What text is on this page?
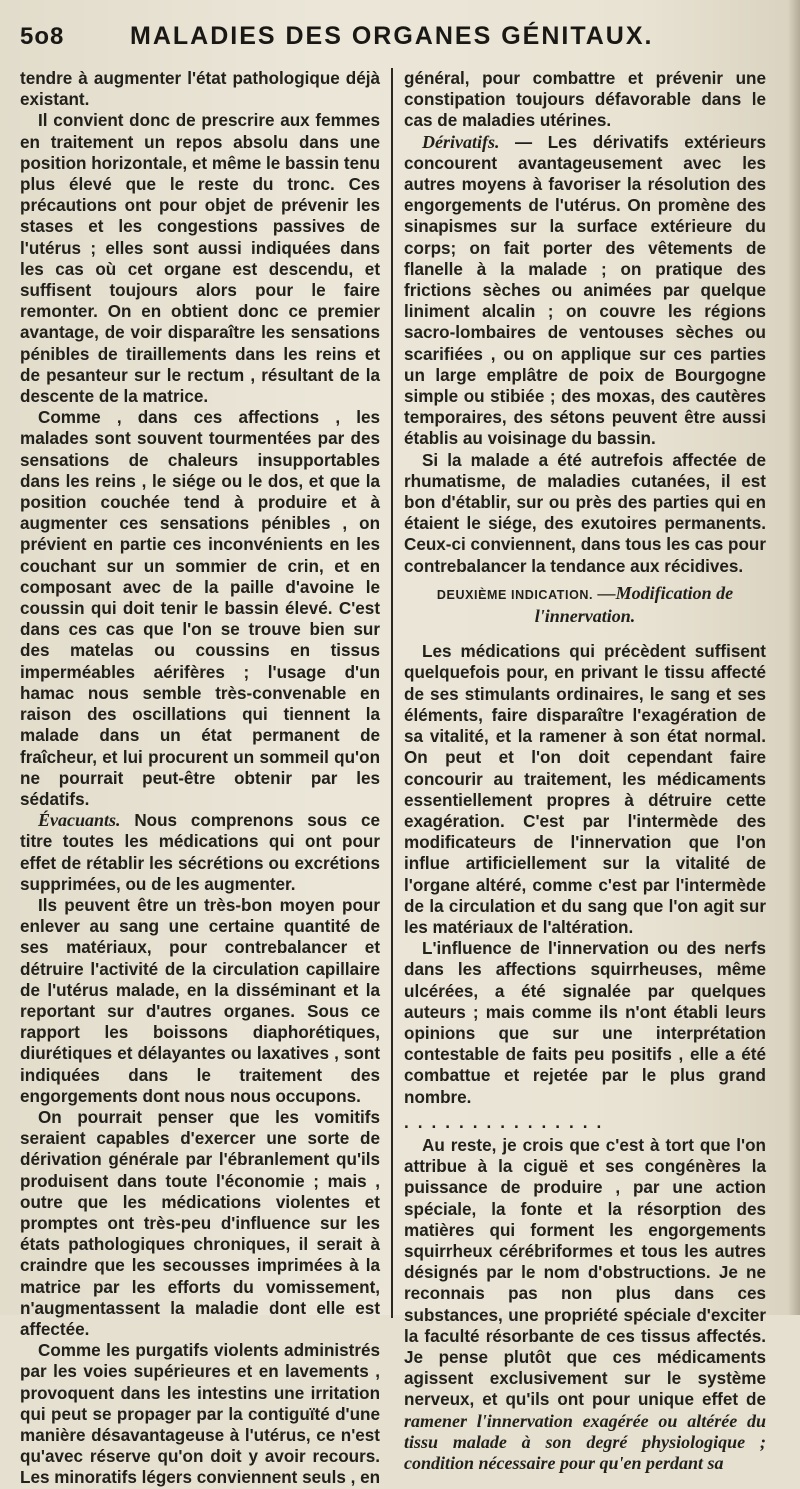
5o8	MALADIES DES ORGANES GÉNITAUX.

tendre à augmenter l'état pathologique déjà existant.

Il convient donc de prescrire aux femmes en traitement un repos absolu dans une position horizontale, et même le bassin tenu plus élevé que le reste du tronc. Ces précautions ont pour objet de prévenir les stases et les congestions passives de l'utérus ; elles sont aussi indiquées dans les cas où cet organe est descendu, et suffisent toujours alors pour le faire remonter. On en obtient donc ce premier avantage, de voir disparaître les sensations pénibles de tiraillements dans les reins et de pesanteur sur le rectum , résultant de la descente de la matrice.

Comme , dans ces affections , les malades sont souvent tourmentées par des sensations de chaleurs insupportables dans les reins , le siége ou le dos, et que la position couchée tend à produire et à augmenter ces sensations pénibles , on prévient en partie ces inconvénients en les couchant sur un sommier de crin, et en composant avec de la paille d'avoine le coussin qui doit tenir le bassin élevé. C'est dans ces cas que l'on se trouve bien sur des matelas ou coussins en tissus imperméables aérifères ; l'usage d'un hamac nous semble très-convenable en raison des oscillations qui tiennent la malade dans un état permanent de fraîcheur, et lui procurent un sommeil qu'on ne pourrait peut-être obtenir par les sédatifs.

Évacuants. Nous comprenons sous ce titre toutes les médications qui ont pour effet de rétablir les sécrétions ou excrétions supprimées, ou de les augmenter.

Ils peuvent être un très-bon moyen pour enlever au sang une certaine quantité de ses matériaux, pour contrebalancer et détruire l'activité de la circulation capillaire de l'utérus malade, en la disséminant et la reportant sur d'autres organes. Sous ce rapport les boissons diaphorétiques, diurétiques et délayantes ou laxatives , sont indiquées dans le traitement des engorgements dont nous nous occupons.

On pourrait penser que les vomitifs seraient capables d'exercer une sorte de dérivation générale par l'ébranlement qu'ils produisent dans toute l'économie ; mais , outre que les médications violentes et promptes ont très-peu d'influence sur les états pathologiques chroniques, il serait à craindre que les secousses imprimées à la matrice par les efforts du vomissement, n'augmentassent la maladie dont elle est affectée.

Comme les purgatifs violents administrés par les voies supérieures et en lavements , provoquent dans les intestins une irritation qui peut se propager par la contiguïté d'une manière désavantageuse à l'utérus, ce n'est qu'avec réserve qu'on doit y avoir recours. Les minoratifs légers conviennent seuls , en

général, pour combattre et prévenir une constipation toujours défavorable dans le cas de maladies utérines.

Dérivatifs. — Les dérivatifs extérieurs concourent avantageusement avec les autres moyens à favoriser la résolution des engorgements de l'utérus. On promène des sinapismes sur la surface extérieure du corps; on fait porter des vêtements de flanelle à la malade ; on pratique des frictions sèches ou animées par quelque liniment alcalin ; on couvre les régions sacro-lombaires de ventouses sèches ou scarifiées , ou on applique sur ces parties un large emplâtre de poix de Bourgogne simple ou stibiée ; des moxas, des cautères temporaires, des sétons peuvent être aussi établis au voisinage du bassin.

Si la malade a été autrefois affectée de rhumatisme, de maladies cutanées, il est bon d'établir, sur ou près des parties qui en étaient le siége, des exutoires permanents. Ceux-ci conviennent, dans tous les cas pour contrebalancer la tendance aux récidives.

DEUXIÈME INDICATION. —Modification de l'innervation.

Les médications qui précèdent suffisent quelquefois pour, en privant le tissu affecté de ses stimulants ordinaires, le sang et ses éléments, faire disparaître l'exagération de sa vitalité, et la ramener à son état normal. On peut et l'on doit cependant faire concourir au traitement, les médicaments essentiellement propres à détruire cette exagération. C'est par l'intermède des modificateurs de l'innervation que l'on influe artificiellement sur la vitalité de l'organe altéré, comme c'est par l'intermède de la circulation et du sang que l'on agit sur les matériaux de l'altération.

L'influence de l'innervation ou des nerfs dans les affections squirrheuses, même ulcérées, a été signalée par quelques auteurs ; mais comme ils n'ont établi leurs opinions que sur une interprétation contestable de faits peu positifs , elle a été combattue et rejetée par le plus grand nombre.

...............

Au reste, je crois que c'est à tort que l'on attribue à la ciguë et ses congénères la puissance de produire , par une action spéciale, la fonte et la résorption des matières qui forment les engorgements squirrheux cérébriformes et tous les autres désignés par le nom d'obstructions. Je ne reconnais pas non plus dans ces substances, une propriété spéciale d'exciter la faculté résorbante de ces tissus affectés. Je pense plutôt que ces médicaments agissent exclusivement sur le système nerveux, et qu'ils ont pour unique effet de ramener l'innervation exagérée ou altérée du tissu malade à son degré physiologique ; condition nécessaire pour qu'en perdant sa
